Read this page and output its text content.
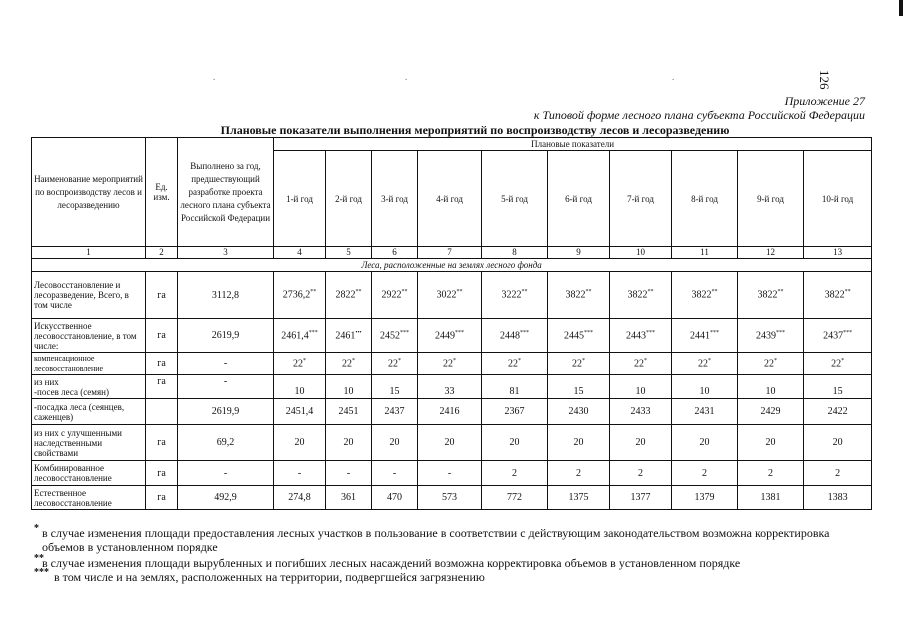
.	.	.	126
Приложение 27
к Типовой форме лесного плана субъекта Российской Федерации
Плановые показатели выполнения мероприятий по воспроизводству лесов и лесоразведению
Наименование мероприятий по воспроизводству лесов и лесоразведению	Ед. изм.	Выполнено за год, предшествующий разработке проекта лесного плана субъекта Российской Федерации	Плановые показатели									
			1-й год	2-й год	3-й год	4-й год	5-й год	6-й год	7-й год	8-й год	9-й год	10-й год
1	2	3	4	5	6	7	8	9	10	11	12	13
Леса, расположенные на землях лесного фонда												
Лесовосстановление и лесоразведение, Всего, в том числе	га	3112,8	2736,2**	2822**	2922**	3022**	3222**	3822**	3822**	3822**	3822**	3822**
Искусственное лесовосстановление, в том числе:	га	2619,9	2461,4***	2461•••	2452***	2449***	2448***	2445***	2443***	2441***	2439***	2437***
компенсационное лесовосстановление	га	-	22*	22*	22*	22*	22*	22*	22*	22*	22*	22*

из них
-посев леса (семян)	га	-	10	10	15	33	81	15	10	10	10	15

-посадка леса (сеянцев, саженцев)		2619,9	2451,4	2451	2437	2416	2367	2430	2433	2431	2429	2422
из них с улучшенными наследственными свойствами	га	69,2	20	20	20	20	20	20	20	20	20	20
Комбинированное лесовосстановление	га	-	-	-	-	-	2	2	2	2	2	2
Естественное лесовосстановление	га	492,9	274,8	361	470	573	772	1375	1377	1379	1381	1383
* в случае изменения площади предоставления лесных участков в пользование в соответствии с действующим законодательством возможна корректировка объемов в установленном порядке
**
в случае изменения площади вырубленных и погибших лесных насаждений возможна корректировка объемов в установленном порядке
*** в том числе и на землях, расположенных на территории, подвергшейся загрязнению
